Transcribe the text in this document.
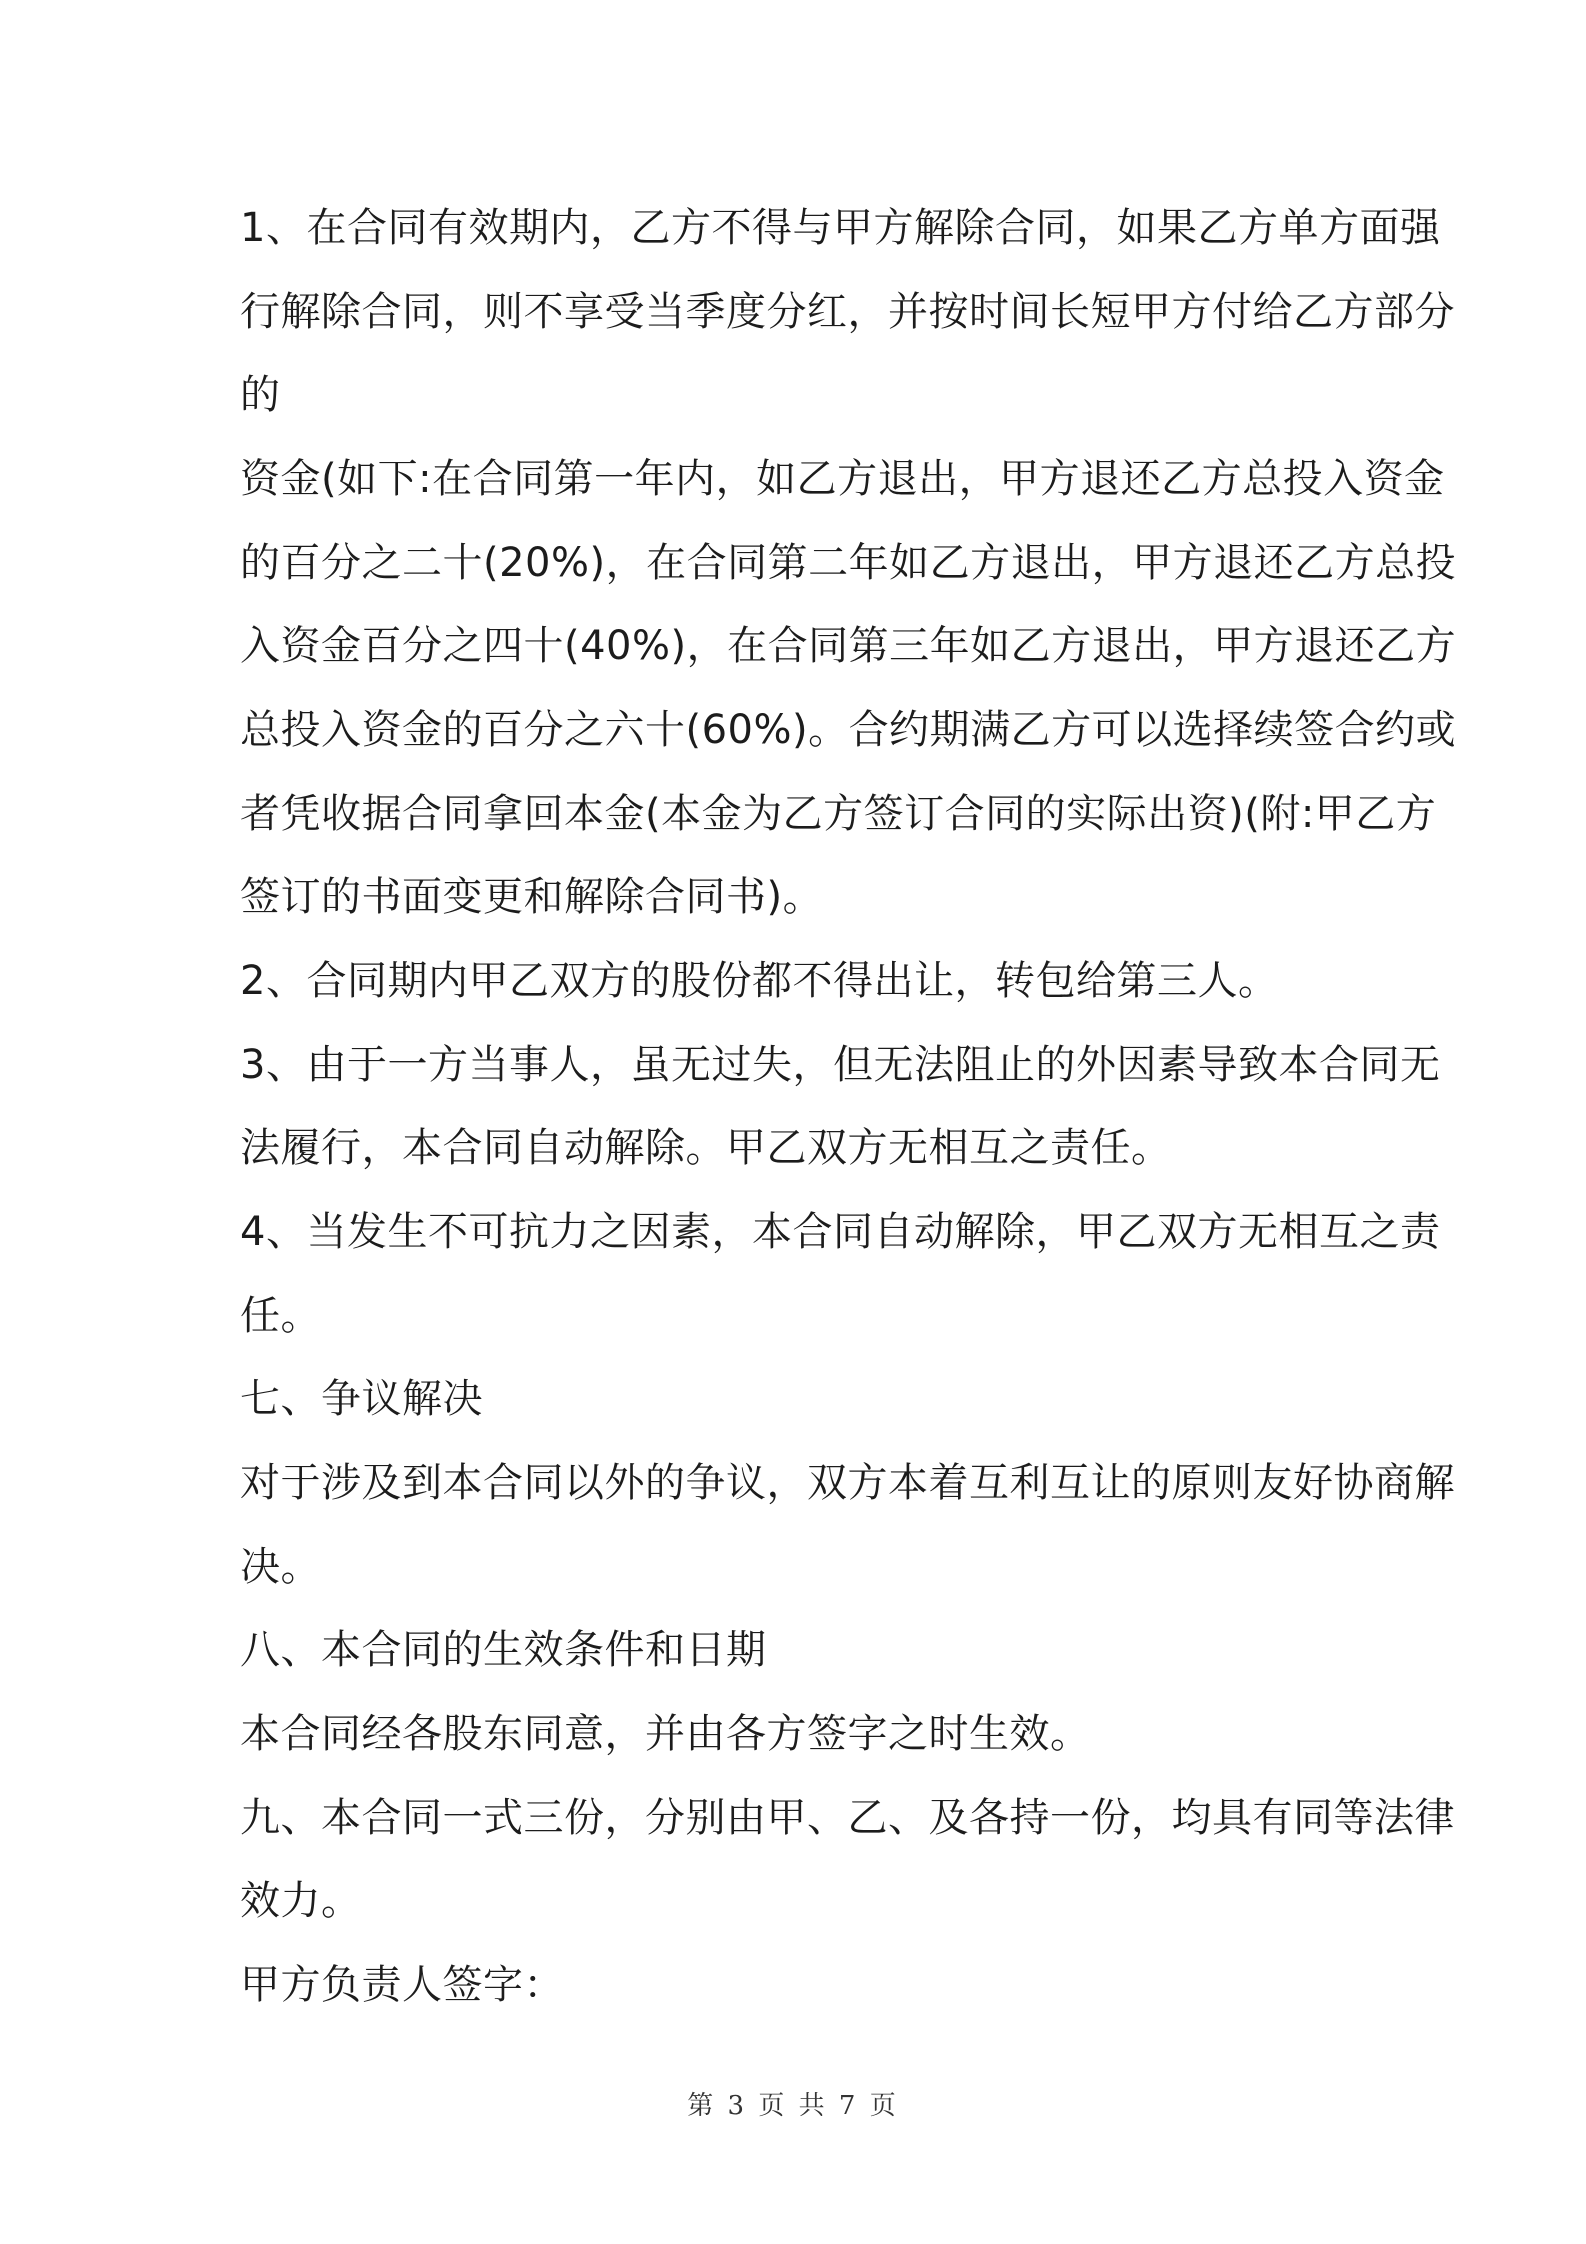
1、在合同有效期内，乙方不得与甲方解除合同，如果乙方单方面强

行解除合同，则不享受当季度分红，并按时间长短甲方付给乙方部分

的

资金(如下:在合同第一年内，如乙方退出，甲方退还乙方总投入资金

的百分之二十(20%)，在合同第二年如乙方退出，甲方退还乙方总投

入资金百分之四十(40%)，在合同第三年如乙方退出，甲方退还乙方

总投入资金的百分之六十(60%)。合约期满乙方可以选择续签合约或

者凭收据合同拿回本金(本金为乙方签订合同的实际出资)(附:甲乙方

签订的书面变更和解除合同书)。

2、合同期内甲乙双方的股份都不得出让，转包给第三人。

3、由于一方当事人，虽无过失，但无法阻止的外因素导致本合同无

法履行，本合同自动解除。甲乙双方无相互之责任。

4、当发生不可抗力之因素，本合同自动解除，甲乙双方无相互之责

任。

七、争议解决

对于涉及到本合同以外的争议，双方本着互利互让的原则友好协商解

决。

八、本合同的生效条件和日期

本合同经各股东同意，并由各方签字之时生效。

九、本合同一式三份，分别由甲、乙、及各持一份，均具有同等法律

效力。

甲方负责人签字：

第 3 页 共 7 页
